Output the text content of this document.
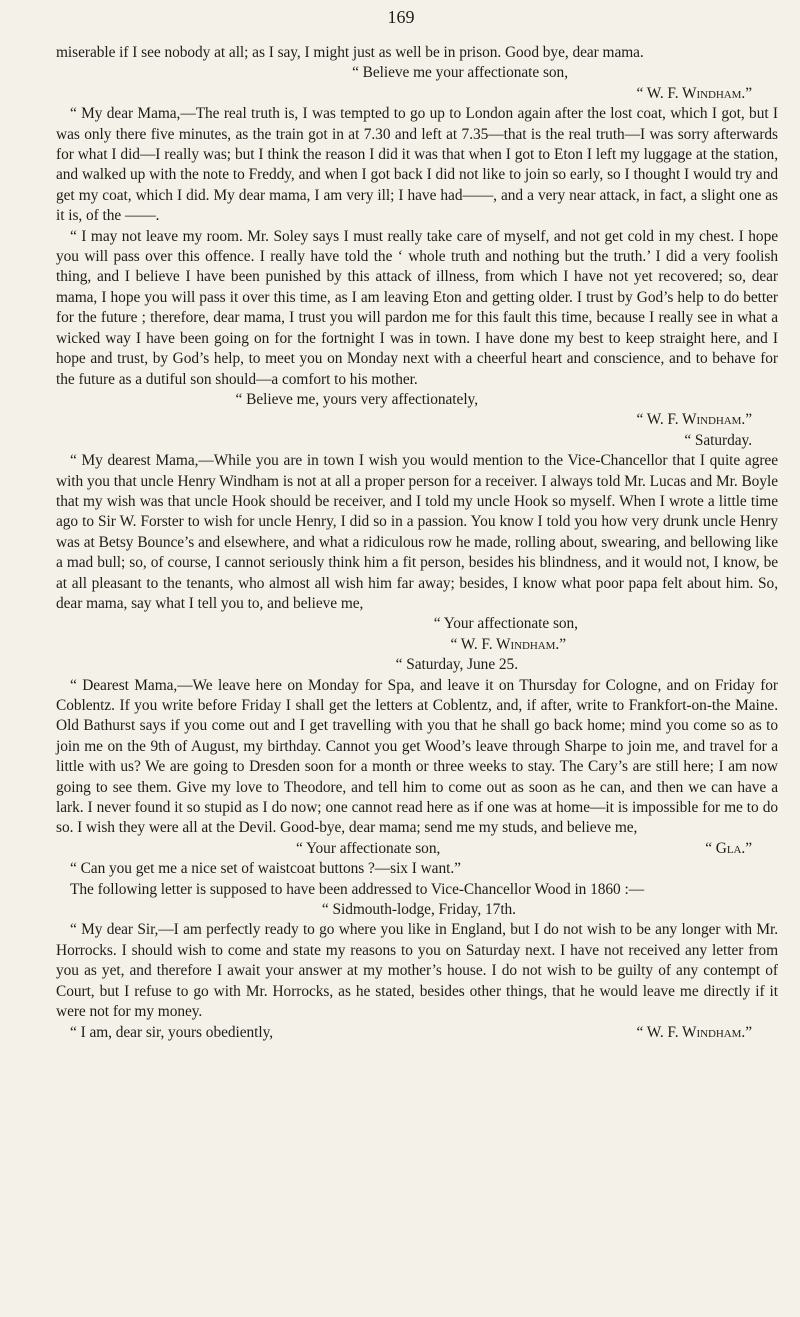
169

miserable if I see nobody at all; as I say, I might just as well be in prison. Good bye, dear mama.

“ Believe me your affectionate son,

“ W. F. Windham.”

“ My dear Mama,—The real truth is, I was tempted to go up to London again after the lost coat, which I got, but I was only there five minutes, as the train got in at 7.30 and left at 7.35—that is the real truth—I was sorry afterwards for what I did—I really was; but I think the reason I did it was that when I got to Eton I left my luggage at the station, and walked up with the note to Freddy, and when I got back I did not like to join so early, so I thought I would try and get my coat, which I did. My dear mama, I am very ill; I have had——, and a very near attack, in fact, a slight one as it is, of the ——.

“ I may not leave my room. Mr. Soley says I must really take care of myself, and not get cold in my chest. I hope you will pass over this offence. I really have told the ‘ whole truth and nothing but the truth.’ I did a very foolish thing, and I believe I have been punished by this attack of illness, from which I have not yet recovered; so, dear mama, I hope you will pass it over this time, as I am leaving Eton and getting older. I trust by God’s help to do better for the future ; therefore, dear mama, I trust you will pardon me for this fault this time, because I really see in what a wicked way I have been going on for the fortnight I was in town. I have done my best to keep straight here, and I hope and trust, by God’s help, to meet you on Monday next with a cheerful heart and conscience, and to behave for the future as a dutiful son should—a comfort to his mother.

“ Believe me, yours very affectionately,

“ W. F. Windham.”

“ Saturday.

“ My dearest Mama,—While you are in town I wish you would mention to the Vice-Chancellor that I quite agree with you that uncle Henry Windham is not at all a proper person for a receiver. I always told Mr. Lucas and Mr. Boyle that my wish was that uncle Hook should be receiver, and I told my uncle Hook so myself. When I wrote a little time ago to Sir W. Forster to wish for uncle Henry, I did so in a passion. You know I told you how very drunk uncle Henry was at Betsy Bounce’s and elsewhere, and what a ridiculous row he made, rolling about, swearing, and bellowing like a mad bull; so, of course, I cannot seriously think him a fit person, besides his blindness, and it would not, I know, be at all pleasant to the tenants, who almost all wish him far away; besides, I know what poor papa felt about him. So, dear mama, say what I tell you to, and believe me,

“ Your affectionate son,

“ W. F. Windham.”

“ Saturday, June 25.

“ Dearest Mama,—We leave here on Monday for Spa, and leave it on Thursday for Cologne, and on Friday for Coblentz. If you write before Friday I shall get the letters at Coblentz, and, if after, write to Frankfort-on-the Maine. Old Bathurst says if you come out and I get travelling with you that he shall go back home; mind you come so as to join me on the 9th of August, my birthday. Cannot you get Wood’s leave through Sharpe to join me, and travel for a little with us? We are going to Dresden soon for a month or three weeks to stay. The Cary’s are still here; I am now going to see them. Give my love to Theodore, and tell him to come out as soon as he can, and then we can have a lark. I never found it so stupid as I do now; one cannot read here as if one was at home—it is impossible for me to do so. I wish they were all at the Devil. Good-bye, dear mama; send me my studs, and believe me,

“ Your affectionate son,	“ Gla.”

“ Can you get me a nice set of waistcoat buttons ?—six I want.”

The following letter is supposed to have been addressed to Vice-Chancellor Wood in 1860 :—

“ Sidmouth-lodge, Friday, 17th.

“ My dear Sir,—I am perfectly ready to go where you like in England, but I do not wish to be any longer with Mr. Horrocks. I should wish to come and state my reasons to you on Saturday next. I have not received any letter from you as yet, and therefore I await your answer at my mother’s house. I do not wish to be guilty of any contempt of Court, but I refuse to go with Mr. Horrocks, as he stated, besides other things, that he would leave me directly if it were not for my money.

“ I am, dear sir, yours obediently,	“ W. F. Windham.”
